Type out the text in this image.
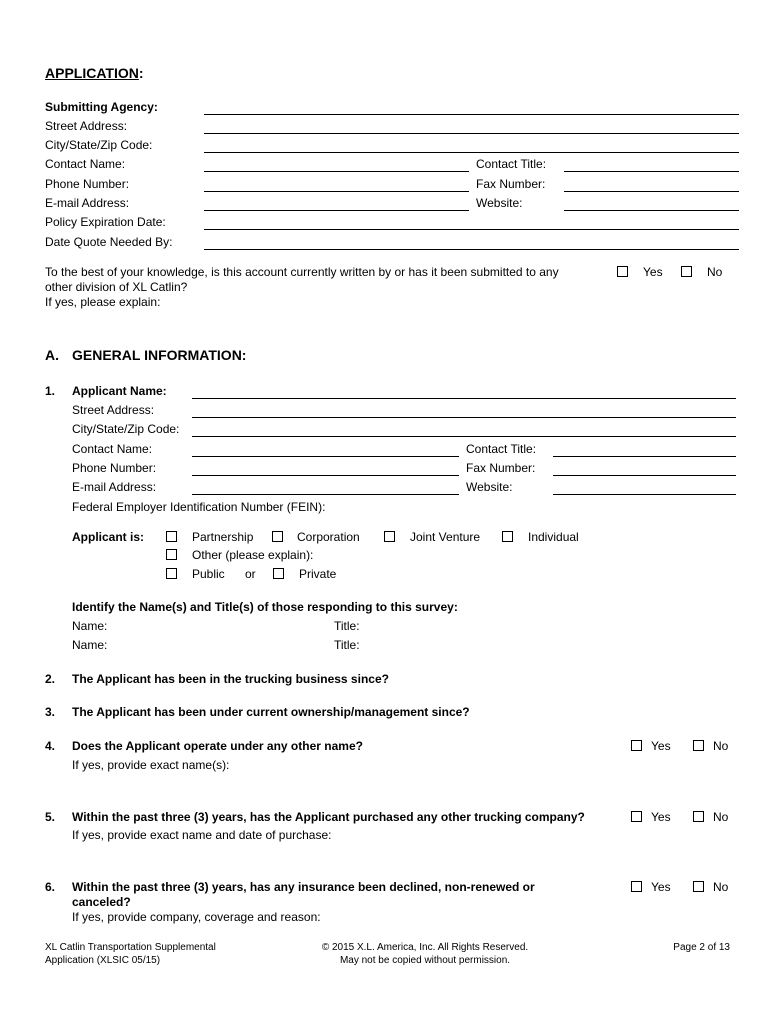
APPLICATION:
Submitting Agency:
Street Address:
City/State/Zip Code:
Contact Name:	Contact Title:
Phone Number:	Fax Number:
E-mail Address:	Website:
Policy Expiration Date:
Date Quote Needed By:
To the best of your knowledge, is this account currently written by or has it been submitted to any
other division of XL Catlin?
If yes, please explain:
Yes	No
A. GENERAL INFORMATION:
1. Applicant Name:
Street Address:
City/State/Zip Code:
Contact Name:	Contact Title:
Phone Number:	Fax Number:
E-mail Address:	Website:
Federal Employer Identification Number (FEIN):
Applicant is:	Partnership	Corporation	Joint Venture	Individual
Other (please explain):
Public or	Private
Identify the Name(s) and Title(s) of those responding to this survey:
Name:	Title:
Name:	Title:
2. The Applicant has been in the trucking business since?
3. The Applicant has been under current ownership/management since?
4. Does the Applicant operate under any other name?
If yes, provide exact name(s):
Yes	No
5. Within the past three (3) years, has the Applicant purchased any other trucking company?
If yes, provide exact name and date of purchase:
Yes	No
6. Within the past three (3) years, has any insurance been declined, non-renewed or
canceled?
If yes, provide company, coverage and reason:
Yes	No
XL Catlin Transportation Supplemental
Application (XLSIC 05/15)
© 2015 X.L. America, Inc. All Rights Reserved.
May not be copied without permission.
Page 2 of 13
